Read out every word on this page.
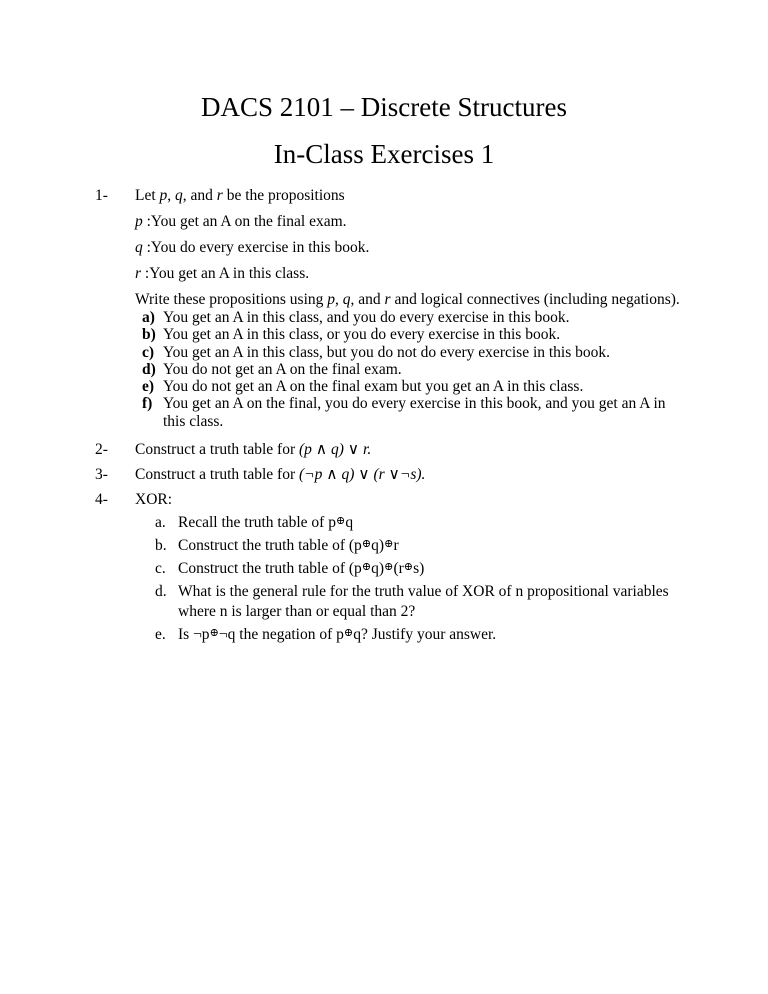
DACS 2101 – Discrete Structures
In-Class Exercises 1
1- Let p, q, and r be the propositions
p :You get an A on the final exam.
q :You do every exercise in this book.
r :You get an A in this class.
Write these propositions using p, q, and r and logical connectives (including negations).
a) You get an A in this class, and you do every exercise in this book.
b) You get an A in this class, or you do every exercise in this book.
c) You get an A in this class, but you do not do every exercise in this book.
d) You do not get an A on the final exam.
e) You do not get an A on the final exam but you get an A in this class.
f) You get an A on the final, you do every exercise in this book, and you get an A in this class.
2- Construct a truth table for (p ∧ q) ∨ r.
3- Construct a truth table for (¬p ∧ q) ∨ (r ∨¬s).
4- XOR:
a. Recall the truth table of p⊕q
b. Construct the truth table of (p⊕q)⊕r
c. Construct the truth table of (p⊕q)⊕(r⊕s)
d. What is the general rule for the truth value of XOR of n propositional variables where n is larger than or equal than 2?
e. Is ¬p⊕¬q the negation of p⊕q? Justify your answer.
